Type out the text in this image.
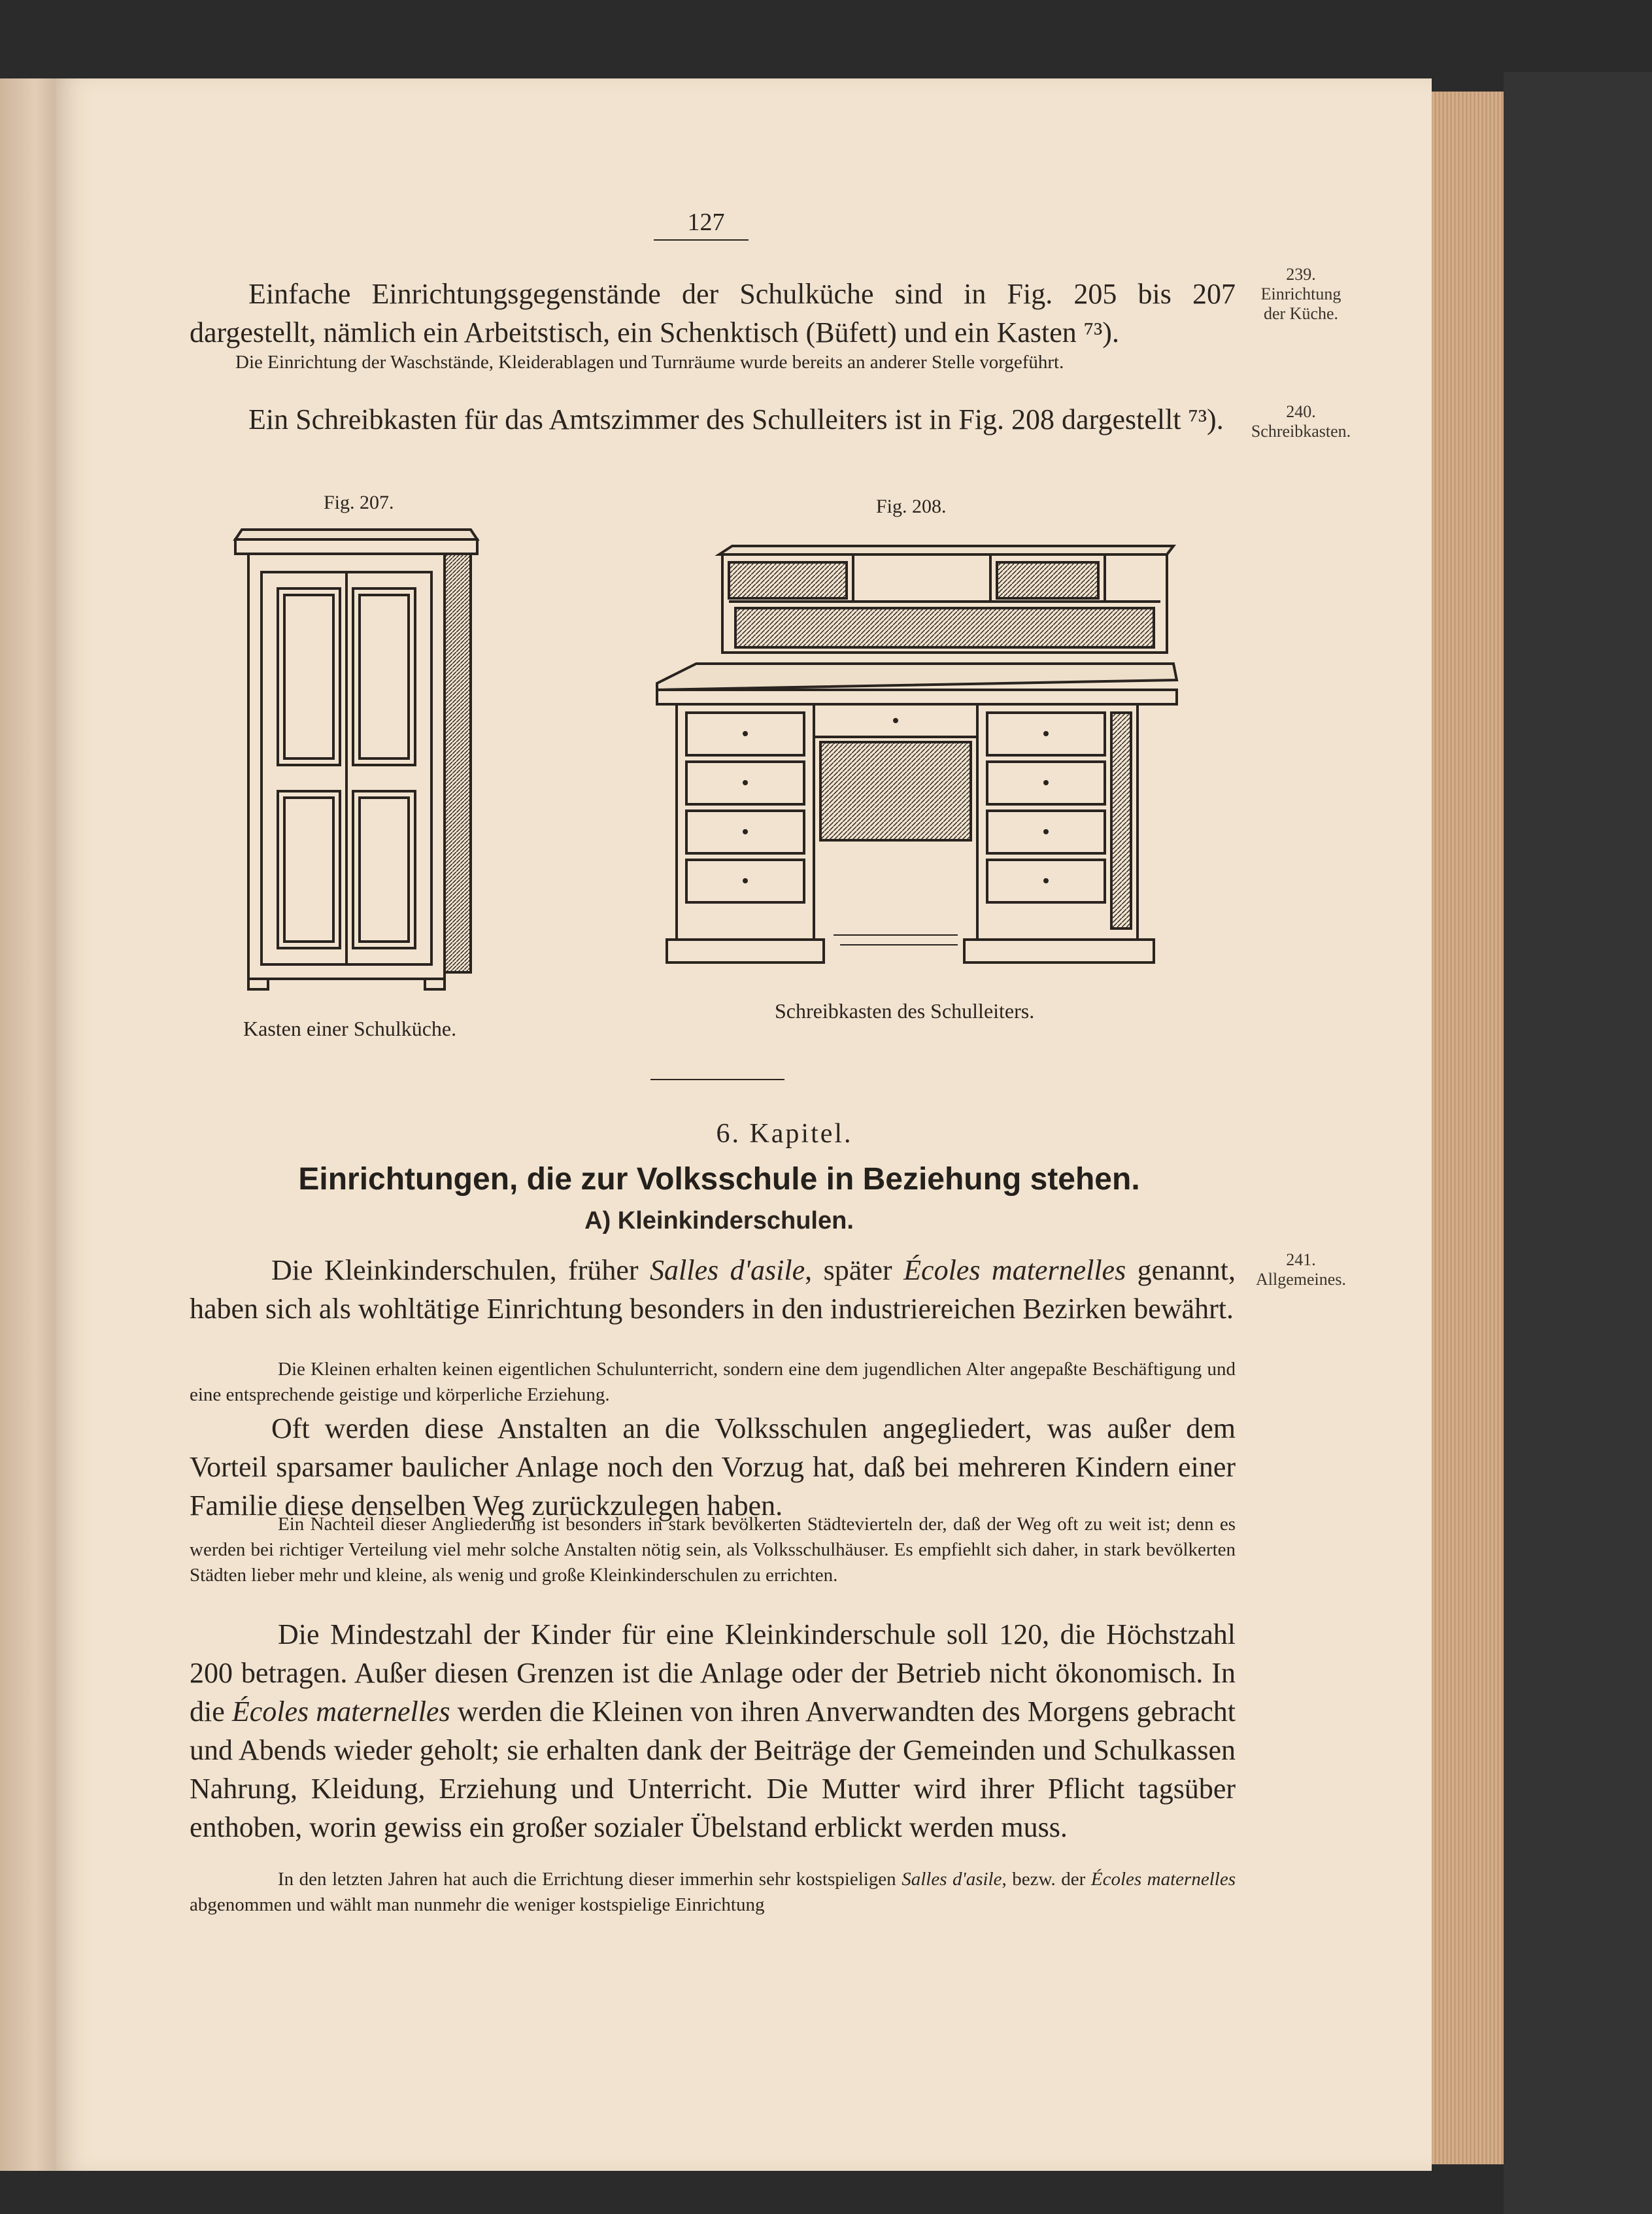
127
Einfache Einrichtungsgegenstände der Schulküche sind in Fig. 205 bis 207 dargestellt, nämlich ein Arbeitstisch, ein Schenktisch (Büfett) und ein Kasten ⁷³).
Die Einrichtung der Waschstände, Kleiderablagen und Turnräume wurde bereits an anderer Stelle vorgeführt.
Ein Schreibkasten für das Amtszimmer des Schulleiters ist in Fig. 208 dargestellt ⁷³).
239.
Einrichtung
der Küche.
240.
Schreibkasten.
241.
Allgemeines.
Fig. 207.
Kasten einer Schulküche.
Fig. 208.
Schreibkasten des Schulleiters.
6. Kapitel.
Einrichtungen, die zur Volksschule in Beziehung stehen.
A) Kleinkinderschulen.
Die Kleinkinderschulen, früher Salles d'asile, später Écoles maternelles genannt, haben sich als wohltätige Einrichtung besonders in den industriereichen Bezirken bewährt.
Die Kleinen erhalten keinen eigentlichen Schulunterricht, sondern eine dem jugendlichen Alter angepaßte Beschäftigung und eine entsprechende geistige und körperliche Erziehung.
Oft werden diese Anstalten an die Volksschulen angegliedert, was außer dem Vorteil sparsamer baulicher Anlage noch den Vorzug hat, daß bei mehreren Kindern einer Familie diese denselben Weg zurückzulegen haben.
Ein Nachteil dieser Angliederung ist besonders in stark bevölkerten Städtevierteln der, daß der Weg oft zu weit ist; denn es werden bei richtiger Verteilung viel mehr solche Anstalten nötig sein, als Volksschulhäuser. Es empfiehlt sich daher, in stark bevölkerten Städten lieber mehr und kleine, als wenig und große Kleinkinderschulen zu errichten.
Die Mindestzahl der Kinder für eine Kleinkinderschule soll 120, die Höchstzahl 200 betragen. Außer diesen Grenzen ist die Anlage oder der Betrieb nicht ökonomisch. In die Écoles maternelles werden die Kleinen von ihren Anverwandten des Morgens gebracht und Abends wieder geholt; sie erhalten dank der Beiträge der Gemeinden und Schulkassen Nahrung, Kleidung, Erziehung und Unterricht. Die Mutter wird ihrer Pflicht tagsüber enthoben, worin gewiss ein großer sozialer Übelstand erblickt werden muss.
In den letzten Jahren hat auch die Errichtung dieser immerhin sehr kostspieligen Salles d'asile, bezw. der Écoles maternelles abgenommen und wählt man nunmehr die weniger kostspielige Einrichtung
